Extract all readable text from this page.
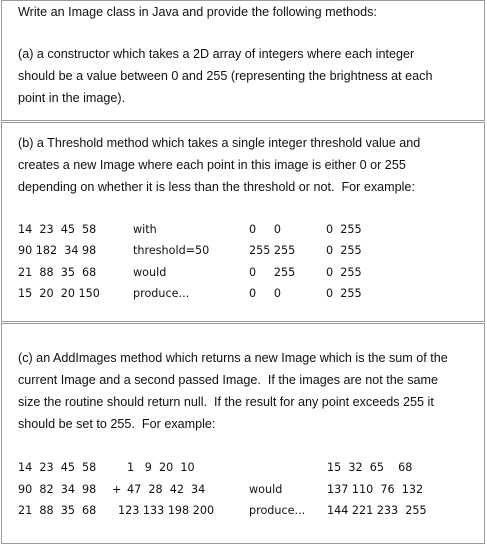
Write an Image class in Java and provide the following methods:
(a) a constructor which takes a 2D array of integers where each integer
should be a value between 0 and 255 (representing the brightness at each
point in the image).
(b) a Threshold method which takes a single integer threshold value and
creates a new Image where each point in this image is either 0 or 255
depending on whether it is less than the threshold or not.  For example:
14  23  45  58
90 182  34 98
21  88  35  68
15  20  20 150
with
threshold=50
would
produce...
0     0
255 255
0     255
0     0
0  255
0  255
0  255
0  255
(c) an AddImages method which returns a new Image which is the sum of the
current Image and a second passed Image.  If the images are not the same
size the routine should return null.  If the result for any point exceeds 255 it
should be set to 255.  For example:
14  23  45  58
90  82  34  98
21  88  35  68
+
1   9  20  10
47  28  42  34
123 133 198 200
would
produce...
15  32  65    68
137 110  76  132
144 221 233  255
